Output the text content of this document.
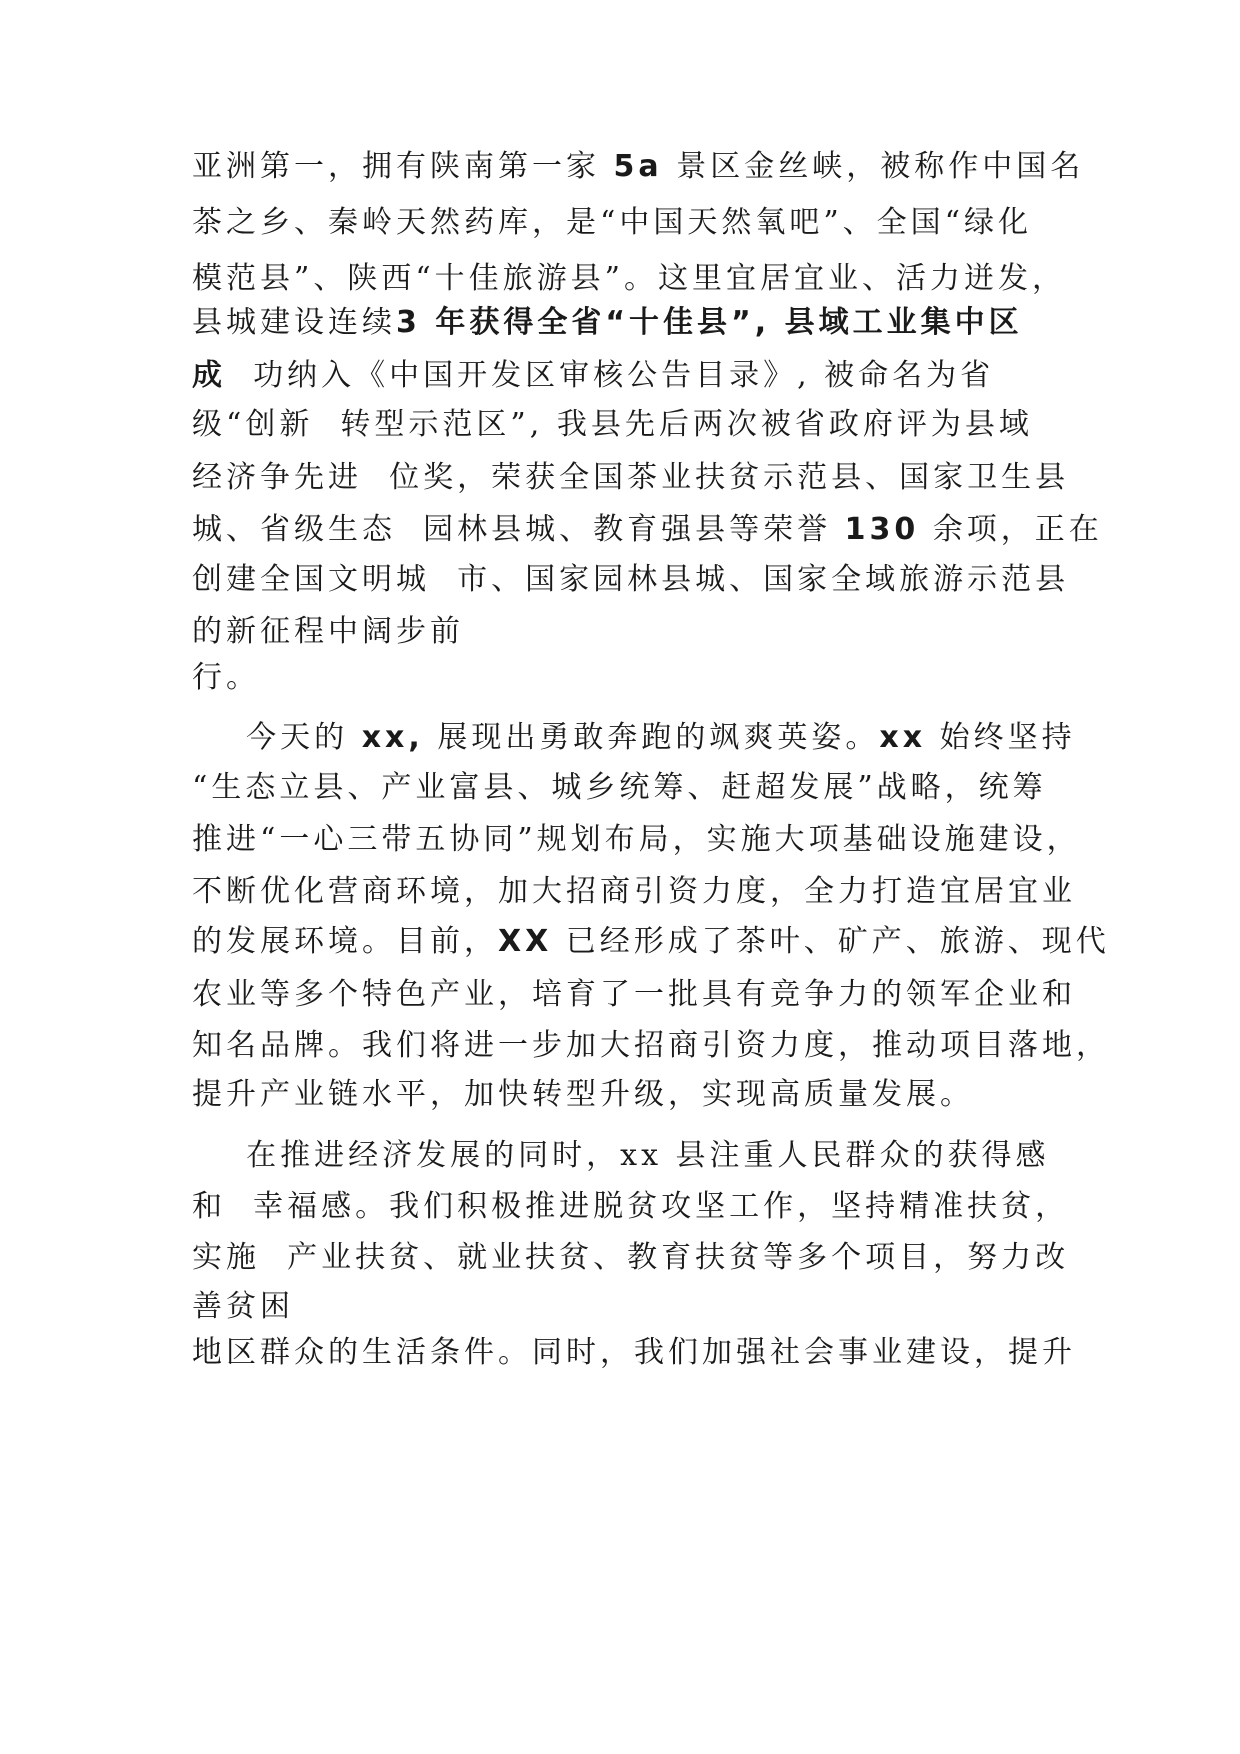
亚洲第一，拥有陕南第一家 5a 景区金丝峡，被称作中国名
茶之乡、秦岭天然药库，是“中国天然氧吧”、全国“绿化
模范县”、陕西“十佳旅游县”。这里宜居宜业、活力迸发，
县城建设连续3 年获得全省“十佳县”, 县域工业集中区
成  功纳入《中国开发区审核公告目录》, 被命名为省
级“创新  转型示范区”, 我县先后两次被省政府评为县域
经济争先进  位奖，荣获全国茶业扶贫示范县、国家卫生县
城、省级生态  园林县城、教育强县等荣誉 130 余项，正在
创建全国文明城  市、国家园林县城、国家全域旅游示范县
的新征程中阔步前
行。
今天的 xx, 展现出勇敢奔跑的飒爽英姿。xx 始终坚持
“生态立县、产业富县、城乡统筹、赶超发展”战略，统筹
推进“一心三带五协同”规划布局，实施大项基础设施建设，
不断优化营商环境，加大招商引资力度，全力打造宜居宜业
的发展环境。目前，XX 已经形成了茶叶、矿产、旅游、现代
农业等多个特色产业，培育了一批具有竞争力的领军企业和
知名品牌。我们将进一步加大招商引资力度，推动项目落地，
提升产业链水平，加快转型升级，实现高质量发展。
在推进经济发展的同时，xx 县注重人民群众的获得感
和  幸福感。我们积极推进脱贫攻坚工作，坚持精准扶贫，
实施  产业扶贫、就业扶贫、教育扶贫等多个项目，努力改
善贫困
地区群众的生活条件。同时，我们加强社会事业建设，提升
